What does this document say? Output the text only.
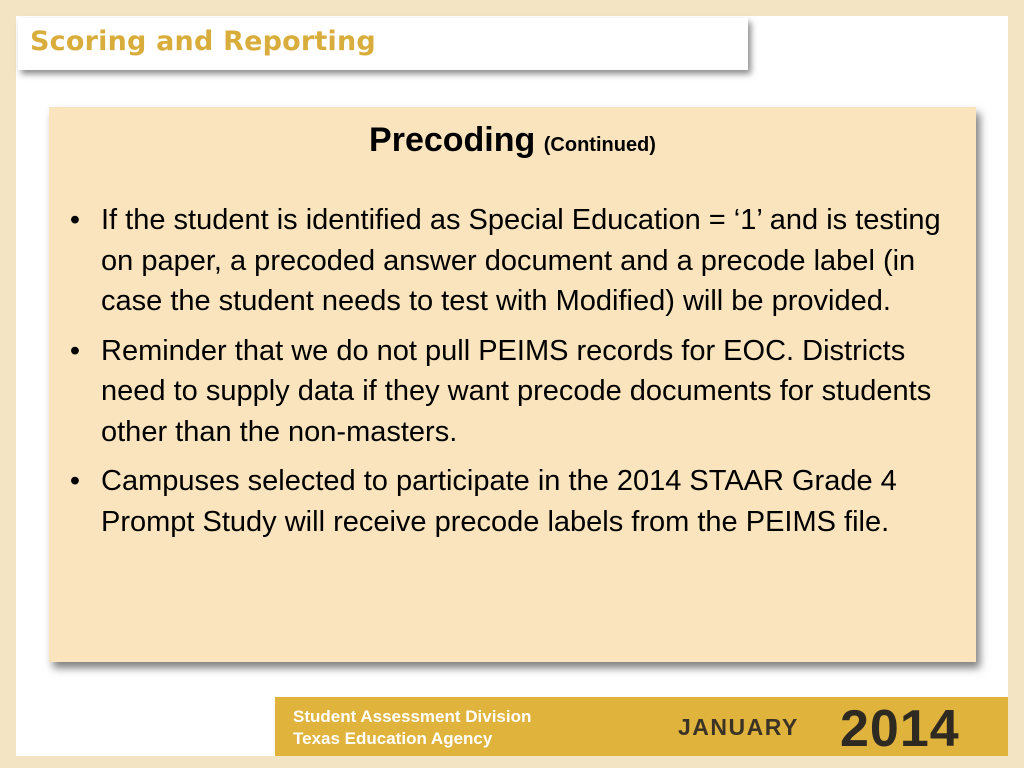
Scoring and Reporting
Precoding (Continued)
• If the student is identified as Special Education = ‘1’ and is testing on paper, a precoded answer document and a precode label (in case the student needs to test with Modified) will be provided.
• Reminder that we do not pull PEIMS records for EOC. Districts need to supply data if they want precode documents for students other than the non-masters.
• Campuses selected to participate in the 2014 STAAR Grade 4 Prompt Study will receive precode labels from the PEIMS file.
Student Assessment Division
Texas Education Agency	JANUARY 2014
